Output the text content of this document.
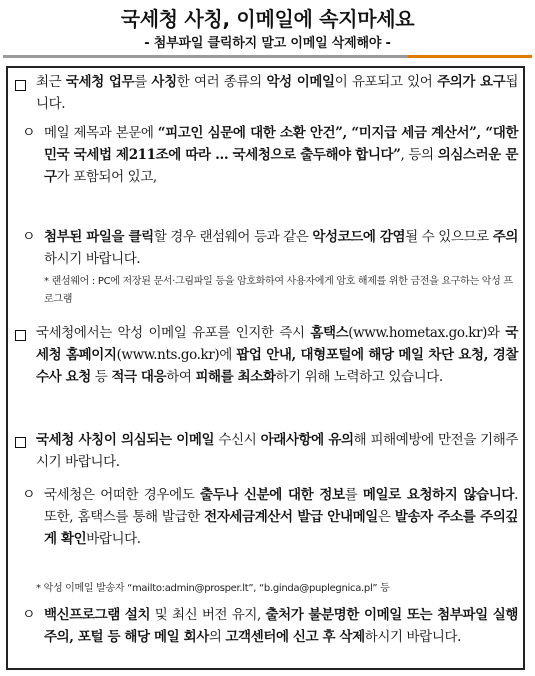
국세청 사칭, 이메일에 속지마세요
- 첨부파일 클릭하지 말고 이메일 삭제해야 -
최근 국세청 업무를 사칭한 여러 종류의 악성 이메일이 유포되고 있어 주의가 요구됩니다.
ㅇ 메일 제목과 본문에 “피고인 심문에 대한 소환 안건”, “미지급 세금 계산서”, “대한민국 국세법 제211조에 따라 … 국세청으로 출두해야 합니다”, 등의 의심스러운 문구가 포함되어 있고,
ㅇ 첨부된 파일을 클릭할 경우 랜섬웨어 등과 같은 악성코드에 감염될 수 있으므로 주의하시기 바랍니다.
* 랜섬웨어 : PC에 저장된 문서·그림파일 등을 암호화하여 사용자에게 암호 해제를 위한 금전을 요구하는 악성 프로그램
국세청에서는 악성 이메일 유포를 인지한 즉시 홈택스(www.hometax.go.kr)와 국세청 홈페이지(www.nts.go.kr)에 팝업 안내, 대형포털에 해당 메일 차단 요청, 경찰 수사 요청 등 적극 대응하여 피해를 최소화하기 위해 노력하고 있습니다.
국세청 사칭이 의심되는 이메일 수신시 아래사항에 유의해 피해예방에 만전을 기해주시기 바랍니다.
ㅇ 국세청은 어떠한 경우에도 출두나 신분에 대한 정보를 메일로 요청하지 않습니다. 또한, 홈택스를 통해 발급한 전자세금계산서 발급 안내메일은 발송자 주소를 주의깊게 확인바랍니다.
* 악성 이메일 발송자 “mailto:admin@prosper.lt”, “b.ginda@puplegnica.pl” 등
ㅇ 백신프로그램 설치 및 최신 버전 유지, 출처가 불분명한 이메일 또는 첨부파일 실행 주의, 포털 등 해당 메일 회사의 고객센터에 신고 후 삭제하시기 바랍니다.
